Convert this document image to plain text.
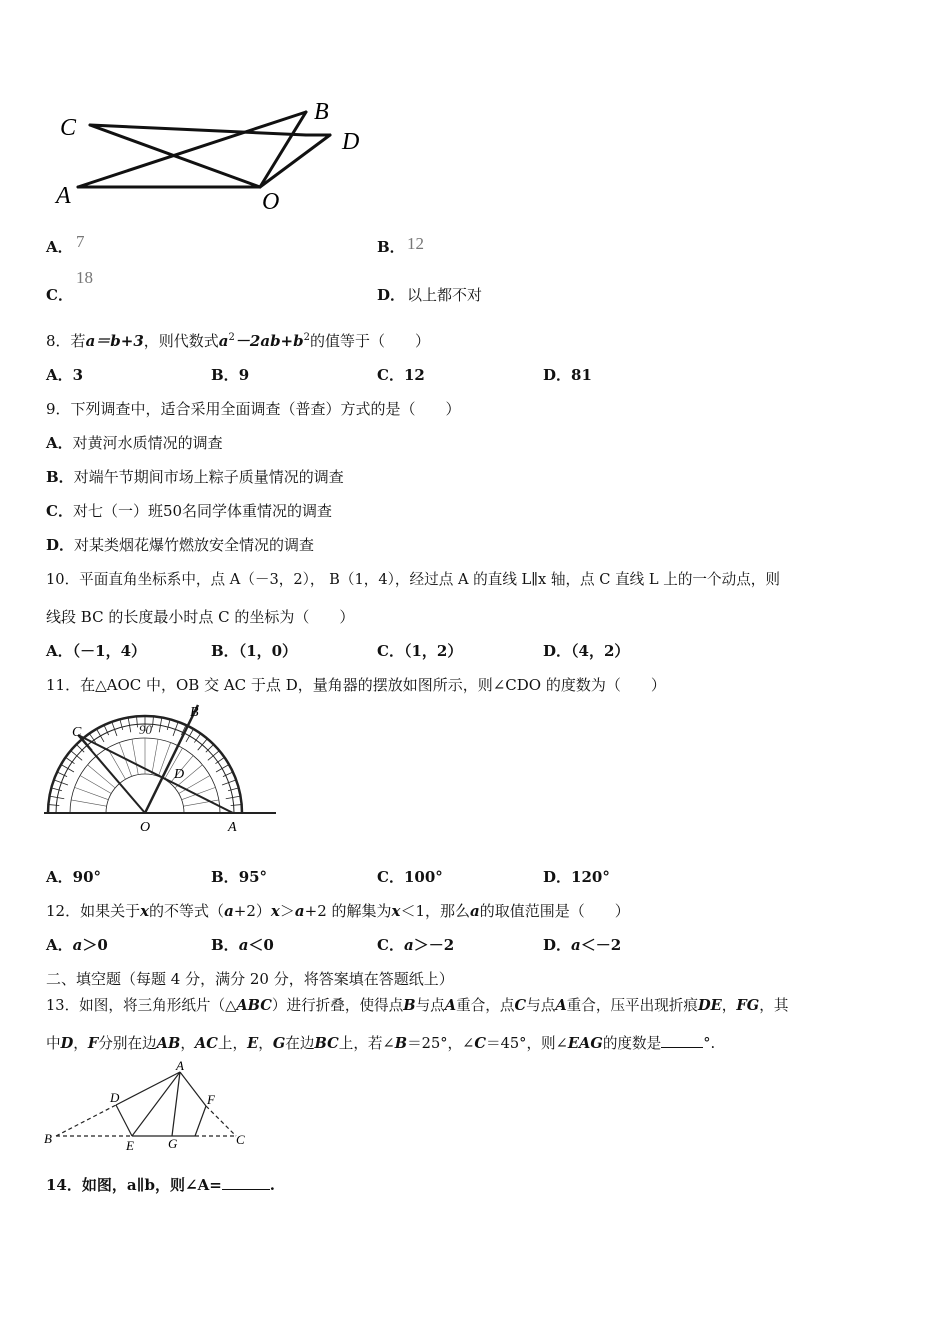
C
B
D
A	O
A． 7	B． 12
C．
18
D． 以上都不对
8．若a＝b+3，则代数式$a^2-2ab+b^2$的值等于（　　）
A．3	B．9	C．12	D．81
9．下列调查中，适合采用全面调查（普查）方式的是（　　）
A．对黄河水质情况的调查
B．对端午节期间市场上粽子质量情况的调查
C．对七（一）班50名同学体重情况的调查
D．对某类烟花爆竹燃放安全情况的调查
10．平面直角坐标系中，点 A（－3，2）， B（1，4），经过点 A 的直线 L∥x 轴，点 C 直线 L 上的一个动点，则
线段 BC 的长度最小时点 C 的坐标为（　　）
A．（－1，4）	B．（1，0）	C．（1，2）	D．（4，2）
11．在△AOC 中，OB 交 AC 于点 D，量角器的摆放如图所示，则∠CDO 的度数为（　　）
90
C
B
D
O	A
A．90°	B．95°	C．100°	D．120°
12．如果关于x的不等式（a+2）x＞a+2 的解集为x＜1，那么a的取值范围是（　　）
A．a＞0	B．a＜0	C．a＞－2	D．a＜－2
二、填空题（每题 4 分，满分 20 分，将答案填在答题纸上）
13．如图，将三角形纸片（△ABC）进行折叠，使得点B与点A重合，点C与点A重合，压平出现折痕DE，FG，其
中D，F分别在边AB，AC上，E，G在边BC上，若∠B＝25°，∠C＝45°，则∠EAG的度数是	°.
A
D	F
B	E	G	C
14．如图，a∥b，则∠A=	.
